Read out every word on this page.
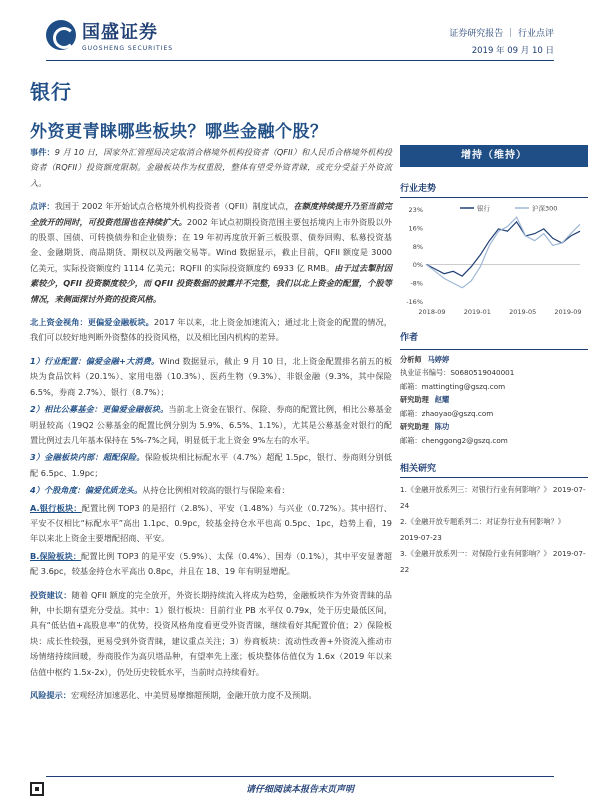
国盛证券
GUOSHENG SECURITIES
证券研究报告 ｜ 行业点评
2019 年 09 月 10 日
银行
外资更青睐哪些板块？哪些金融个股？

事件：9 月 10 日，国家外汇管理局决定取消合格境外机构投资者（QFII）和人民币合格境外机构投资者（RQFII）投资额度限制。金融板块作为权重股，整体有望受外资青睐，或充分受益于外资流入。

点评：我国于 2002 年开始试点合格境外机构投资者（QFII）制度试点，在额度持续提升乃至当前完全放开的同时，可投资范围也在持续扩大。2002 年试点初期投资范围主要包括境内上市外资股以外的股票、国债、可转换债券和企业债券；在 19 年初再度放开新三板股票、债券回购、私募投资基金、金融期货、商品期货、期权以及两融交易等。Wind 数据显示，截止目前，QFII 额度是 3000 亿美元，实际投资额度约 1114 亿美元；RQFII 的实际投资额度约 6933 亿 RMB。由于过去掣肘因素较少，QFII 投资额度较少，而 QFII 投资数据的披露并不完整，我们以北上资金的配置，个股等情况，来侧面探讨外资的投资风格。

北上资金视角：更偏爱金融板块。2017 年以来，北上资金加速流入；通过北上资金的配置的情况，我们可以较好地判断外资整体的投资风格，以及相比国内机构的差异。

1）行业配置：偏爱金融+大消费。Wind 数据显示，截止 9 月 10 日，北上资金配置排名前五的板块为食品饮料（20.1%）、家用电器（10.3%）、医药生物（9.3%）、非银金融（9.3%，其中保险 6.5%，券商 2.7%）、银行（8.7%）；

2）相比公募基金：更偏爱金融板块。当前北上资金在银行、保险、券商的配置比例，相比公募基金明显较高（19Q2 公募基金的配置比例分别为 5.9%、6.5%、1.1%），尤其是公募基金对银行的配置比例过去几年基本保持在 5%-7%之间，明显低于北上资金 9%左右的水平。

3）金融板块内部：超配保险。保险板块相比标配水平（4.7%）超配 1.5pc，银行、券商则分别低配 6.5pc、1.9pc；

4）个股角度：偏爱优质龙头。从持仓比例相对较高的银行与保险来看：

A.银行板块：配置比例 TOP3 的是招行（2.8%）、平安（1.48%）与兴业（0.72%）。其中招行、平安不仅相比“标配水平”高出 1.1pc、0.9pc，较基金持仓水平也高 0.5pc、1pc，趋势上看，19 年以来北上资金主要增配招商、平安。

B.保险板块：配置比例 TOP3 的是平安（5.9%）、太保（0.4%）、国寿（0.1%），其中平安显著超配 3.6pc，较基金持仓水平高出 0.8pc，并且在 18、19 年有明显增配。

投资建议：随着 QFII 额度的完全放开，外资长期持续流入将成为趋势，金融板块作为外资青睐的品种，中长期有望充分受益。其中：1）银行板块：目前行业 PB 水平仅 0.79x，处于历史最低区间，具有“低估值+高股息率”的优势，投资风格角度看更受外资青睐，继续看好其配置价值；2）保险板块：成长性较强，更易受到外资青睐，建议重点关注；3）券商板块：流动性改善+外资流入推动市场情绪持续回暖，券商股作为高贝塔品种，有望率先上涨；板块整体估值仅为 1.6x（2019 年以来估值中枢约 1.5x-2x），仍处历史较低水平，当前时点持续看好。

风险提示：宏观经济加速恶化、中美贸易摩擦超预期，金融开放力度不及预期。

增持（维持）
行业走势
23%
16%
8%
0%
-8%
-16%
2018-09	2019-01	2019-05	2019-09
银行	沪深300
作者
分析师 马婷婷
执业证书编号：S0680519040001
邮箱：mattingting@gszq.com
研究助理 赵耀
邮箱：zhaoyao@gszq.com
研究助理 陈功
邮箱：chenggong2@gszq.com
相关研究
1.《金融开放系列三：对银行行业有何影响？》 2019-07-24
2.《金融开放专题系列二：对证券行业有何影响？》 2019-07-23
3.《金融开放系列一：对保险行业有何影响？》 2019-07-22
请仔细阅读本报告末页声明
